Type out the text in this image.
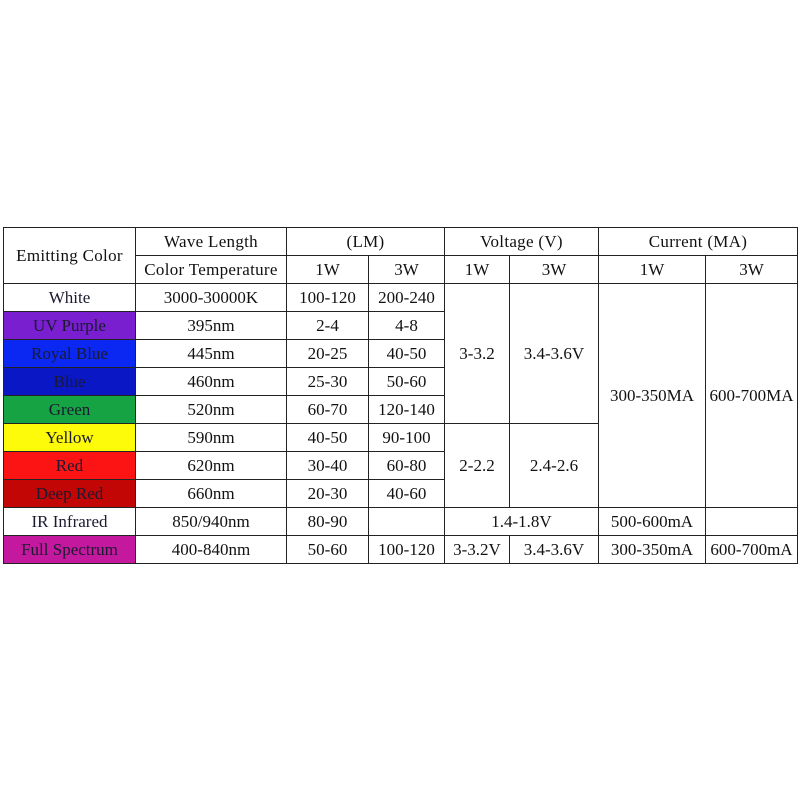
Emitting Color	Wave Length	(LM)		Voltage (V)		Current (MA)	
	Color Temperature	1W	3W	1W	3W	1W	3W
White	3000-30000K	100-120	200-240	3-3.2	3.4-3.6V	300-350MA	600-700MA
UV Purple	395nm	2-4	4-8				
Royal Blue	445nm	20-25	40-50				
Blue	460nm	25-30	50-60				
Green	520nm	60-70	120-140				
Yellow	590nm	40-50	90-100	2-2.2	2.4-2.6		
Red	620nm	30-40	60-80				
Deep Red	660nm	20-30	40-60				
IR Infrared	850/940nm	80-90		1.4-1.8V		500-600mA	
Full Spectrum	400-840nm	50-60	100-120	3-3.2V	3.4-3.6V	300-350mA	600-700mA
